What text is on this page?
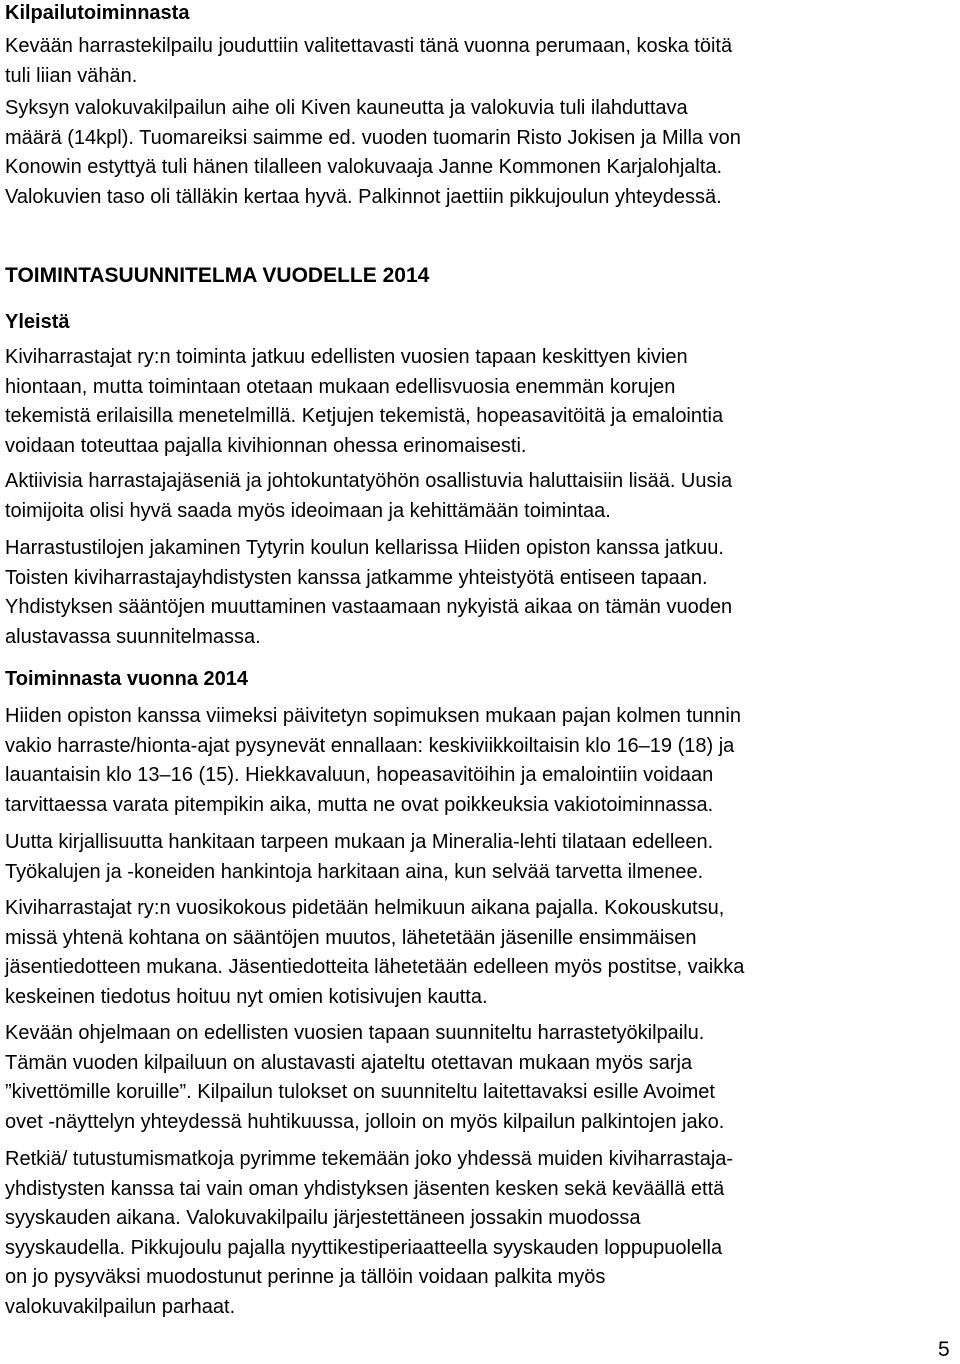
Kilpailutoiminnasta
Kevään harrastekilpailu jouduttiin valitettavasti tänä vuonna perumaan, koska töitä
tuli liian vähän.
Syksyn valokuvakilpailun aihe oli Kiven kauneutta ja valokuvia tuli ilahduttava
määrä (14kpl). Tuomareiksi saimme ed. vuoden tuomarin Risto Jokisen ja Milla von
Konowin estyttyä tuli hänen tilalleen valokuvaaja Janne Kommonen Karjalohjalta.
Valokuvien taso oli tälläkin kertaa hyvä. Palkinnot jaettiin pikkujoulun yhteydessä.
TOIMINTASUUNNITELMA VUODELLE 2014
Yleistä
Kiviharrastajat ry:n toiminta jatkuu edellisten vuosien tapaan keskittyen kivien
hiontaan, mutta toimintaan otetaan mukaan edellisvuosia enemmän korujen
tekemistä erilaisilla menetelmillä. Ketjujen tekemistä, hopeasavitöitä ja emalointia
voidaan toteuttaa pajalla kivihionnan ohessa erinomaisesti.
Aktiivisia harrastajajäseniä ja johtokuntatyöhön osallistuvia haluttaisiin lisää. Uusia
toimijoita olisi hyvä saada myös ideoimaan ja kehittämään toimintaa.
Harrastustilojen jakaminen Tytyrin koulun kellarissa Hiiden opiston kanssa jatkuu.
Toisten kiviharrastajayhdistysten kanssa jatkamme yhteistyötä entiseen tapaan.
Yhdistyksen sääntöjen muuttaminen vastaamaan nykyistä aikaa on tämän vuoden
alustavassa suunnitelmassa.
Toiminnasta vuonna 2014
Hiiden opiston kanssa viimeksi päivitetyn sopimuksen mukaan pajan kolmen tunnin
vakio harraste/hionta-ajat pysynevät ennallaan: keskiviikkoiltaisin klo 16–19 (18) ja
lauantaisin klo 13–16 (15). Hiekkavaluun, hopeasavitöihin ja emalointiin voidaan
tarvittaessa varata pitempikin aika, mutta ne ovat poikkeuksia vakiotoiminnassa.
Uutta kirjallisuutta hankitaan tarpeen mukaan ja Mineralia-lehti tilataan edelleen.
Työkalujen ja -koneiden hankintoja harkitaan aina, kun selvää tarvetta ilmenee.
Kiviharrastajat ry:n vuosikokous pidetään helmikuun aikana pajalla. Kokouskutsu,
missä yhtenä kohtana on sääntöjen muutos, lähetetään jäsenille ensimmäisen
jäsentiedotteen mukana. Jäsentiedotteita lähetetään edelleen myös postitse, vaikka
keskeinen tiedotus hoituu nyt omien kotisivujen kautta.
Kevään ohjelmaan on edellisten vuosien tapaan suunniteltu harrastetyökilpailu.
Tämän vuoden kilpailuun on alustavasti ajateltu otettavan mukaan myös sarja
”kivettömille koruille”. Kilpailun tulokset on suunniteltu laitettavaksi esille Avoimet
ovet -näyttelyn yhteydessä huhtikuussa, jolloin on myös kilpailun palkintojen jako.
Retkiä/ tutustumismatkoja pyrimme tekemään joko yhdessä muiden kiviharrastaja-
yhdistysten kanssa tai vain oman yhdistyksen jäsenten kesken sekä keväällä että
syyskauden aikana. Valokuvakilpailu järjestettäneen jossakin muodossa
syyskaudella. Pikkujoulu pajalla nyyttikestiperiaatteella syyskauden loppupuolella
on jo pysyväksi muodostunut perinne ja tällöin voidaan palkita myös
valokuvakilpailun parhaat.
5
